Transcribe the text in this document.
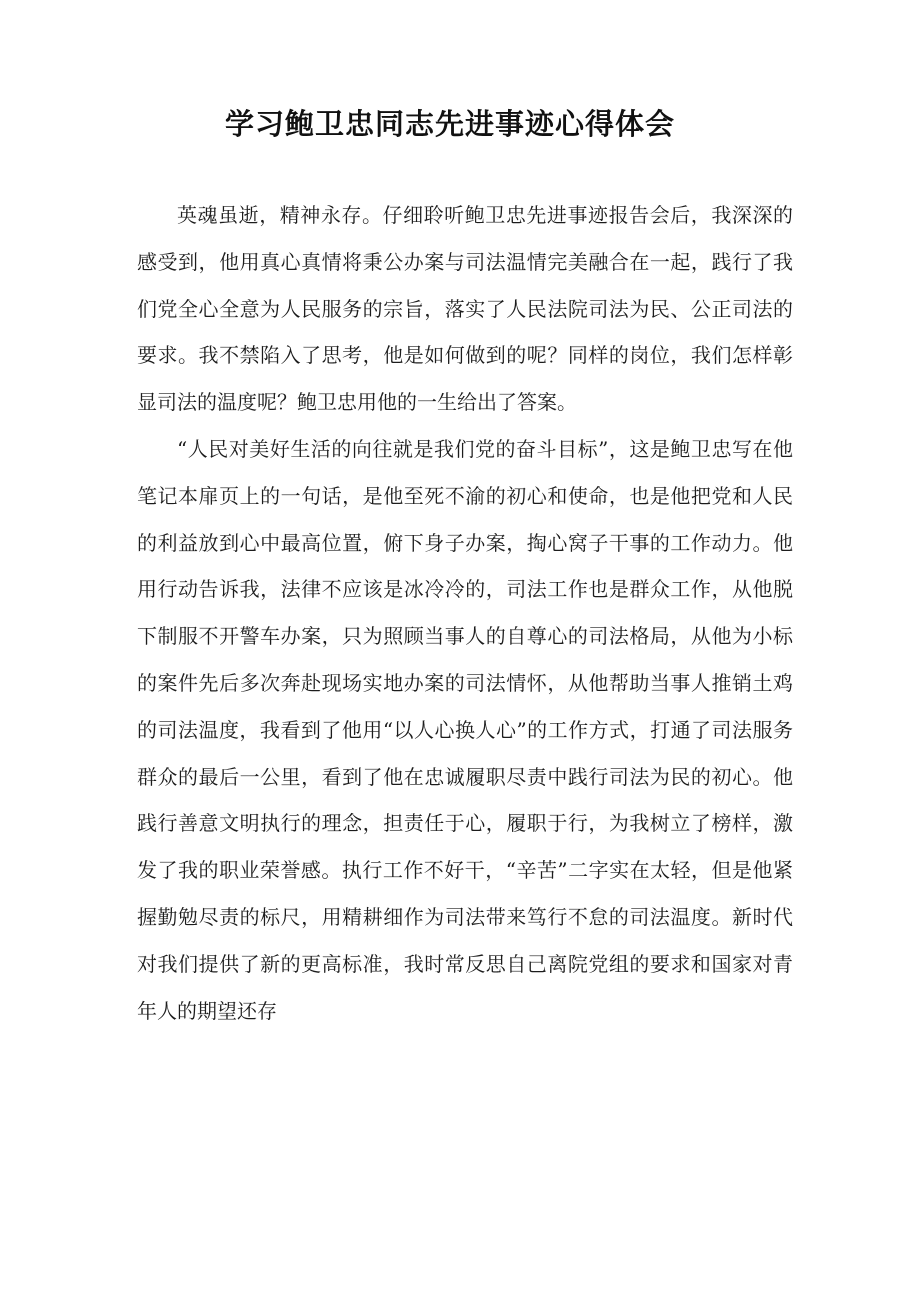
学习鲍卫忠同志先进事迹心得体会

英魂虽逝，精神永存。仔细聆听鲍卫忠先进事迹报告会后，我深深的感受到，他用真心真情将秉公办案与司法温情完美融合在一起，践行了我们党全心全意为人民服务的宗旨，落实了人民法院司法为民、公正司法的要求。我不禁陷入了思考，他是如何做到的呢？同样的岗位，我们怎样彰显司法的温度呢？鲍卫忠用他的一生给出了答案。

“人民对美好生活的向往就是我们党的奋斗目标”，这是鲍卫忠写在他笔记本扉页上的一句话，是他至死不渝的初心和使命，也是他把党和人民的利益放到心中最高位置，俯下身子办案，掏心窝子干事的工作动力。他用行动告诉我，法律不应该是冰冷冷的，司法工作也是群众工作，从他脱下制服不开警车办案，只为照顾当事人的自尊心的司法格局，从他为小标的案件先后多次奔赴现场实地办案的司法情怀，从他帮助当事人推销土鸡的司法温度，我看到了他用“以人心换人心”的工作方式，打通了司法服务群众的最后一公里，看到了他在忠诚履职尽责中践行司法为民的初心。他践行善意文明执行的理念，担责任于心，履职于行，为我树立了榜样，激发了我的职业荣誉感。执行工作不好干，“辛苦”二字实在太轻，但是他紧握勤勉尽责的标尺，用精耕细作为司法带来笃行不怠的司法温度。新时代对我们提供了新的更高标准，我时常反思自己离院党组的要求和国家对青年人的期望还存
